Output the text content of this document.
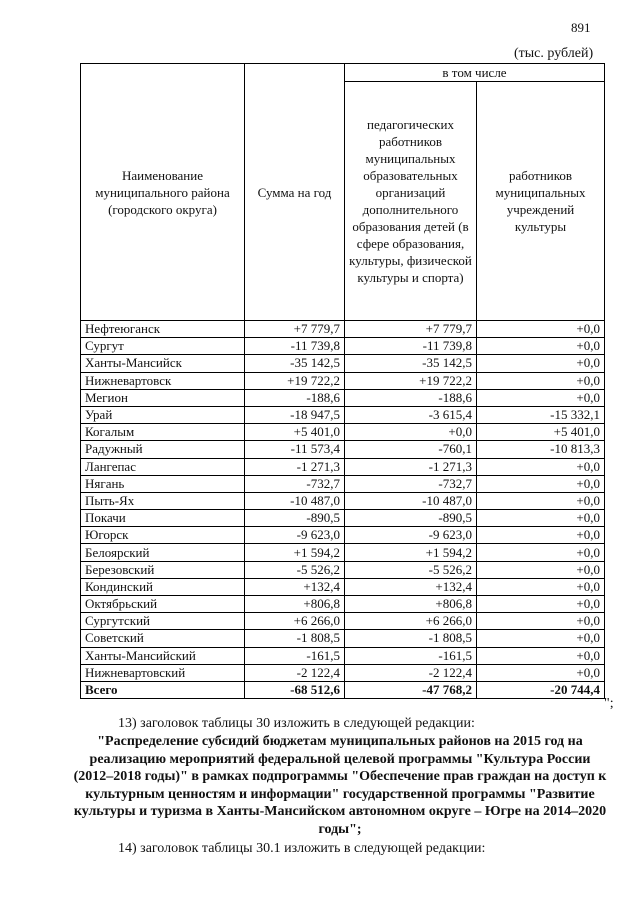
891
(тыс. рублей)
Наименование муниципального района (городского округа)	Сумма на год	в том числе	
		педагогических работников муниципальных образовательных организаций дополнительного образования детей (в сфере образования, культуры, физической культуры и спорта)	работников муниципальных учреждений культуры
Нефтеюганск	+7 779,7	+7 779,7	+0,0
Сургут	-11 739,8	-11 739,8	+0,0
Ханты-Мансийск	-35 142,5	-35 142,5	+0,0
Нижневартовск	+19 722,2	+19 722,2	+0,0
Мегион	-188,6	-188,6	+0,0
Урай	-18 947,5	-3 615,4	-15 332,1
Когалым	+5 401,0	+0,0	+5 401,0
Радужный	-11 573,4	-760,1	-10 813,3
Лангепас	-1 271,3	-1 271,3	+0,0
Нягань	-732,7	-732,7	+0,0
Пыть-Ях	-10 487,0	-10 487,0	+0,0
Покачи	-890,5	-890,5	+0,0
Югорск	-9 623,0	-9 623,0	+0,0
Белоярский	+1 594,2	+1 594,2	+0,0
Березовский	-5 526,2	-5 526,2	+0,0
Кондинский	+132,4	+132,4	+0,0
Октябрьский	+806,8	+806,8	+0,0
Сургутский	+6 266,0	+6 266,0	+0,0
Советский	-1 808,5	-1 808,5	+0,0
Ханты-Мансийский	-161,5	-161,5	+0,0
Нижневартовский	-2 122,4	-2 122,4	+0,0
Всего	-68 512,6	-47 768,2	-20 744,4
";
13) заголовок таблицы 30 изложить в следующей редакции:
"Распределение субсидий бюджетам муниципальных районов на 2015 год на реализацию мероприятий федеральной целевой программы "Культура России (2012–2018 годы)" в рамках подпрограммы "Обеспечение прав граждан на доступ к культурным ценностям и информации" государственной программы "Развитие культуры и туризма в Ханты-Мансийском автономном округе – Югре на 2014–2020 годы";
14) заголовок таблицы 30.1 изложить в следующей редакции:
